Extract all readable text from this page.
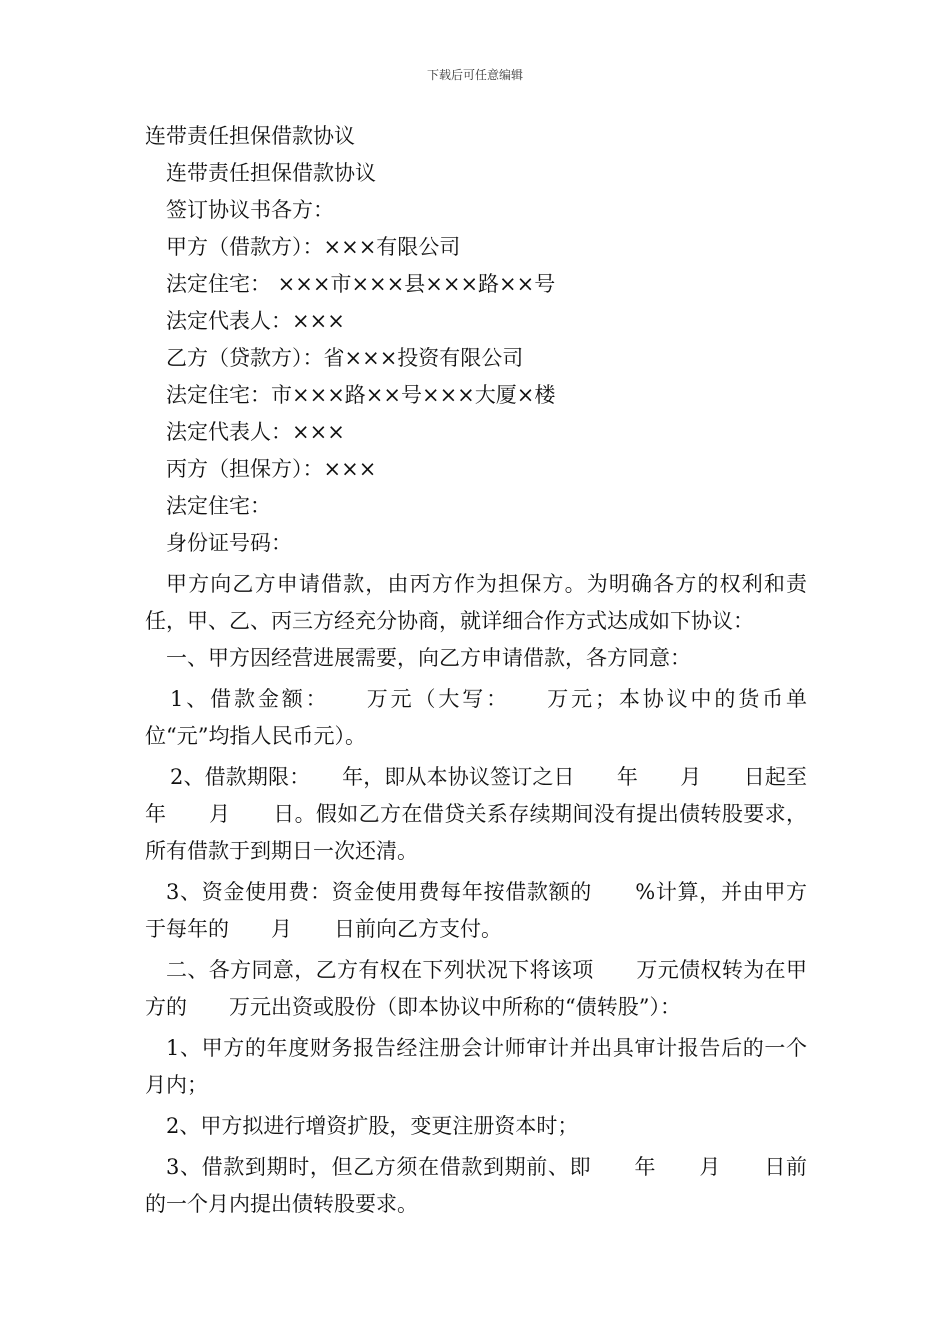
下载后可任意编辑
连带责任担保借款协议
连带责任担保借款协议
签订协议书各方：
甲方（借款方）：×××有限公司
法定住宅： ×××市×××县×××路××号
法定代表人：×××
乙方（贷款方）：省×××投资有限公司
法定住宅：市×××路××号×××大厦×楼
法定代表人：×××
丙方（担保方）：×××
法定住宅：
身份证号码：
甲方向乙方申请借款，由丙方作为担保方。为明确各方的权利和责任，甲、乙、丙三方经充分协商，就详细合作方式达成如下协议：
一、甲方因经营进展需要，向乙方申请借款，各方同意：
1、借款金额：　　万元（大写：　　万元；本协议中的货币单位“元”均指人民币元）。
2、借款期限：　　年，即从本协议签订之日　　年　　月　　日起至年　　月　　日。假如乙方在借贷关系存续期间没有提出债转股要求，所有借款于到期日一次还清。
3、资金使用费：资金使用费每年按借款额的　　%计算，并由甲方于每年的　　月　　日前向乙方支付。
二、各方同意，乙方有权在下列状况下将该项　　万元债权转为在甲方的　　万元出资或股份（即本协议中所称的“债转股”）：
1、甲方的年度财务报告经注册会计师审计并出具审计报告后的一个月内；
2、甲方拟进行增资扩股，变更注册资本时；
3、借款到期时，但乙方须在借款到期前、即　　年　　月　　日前的一个月内提出债转股要求。
